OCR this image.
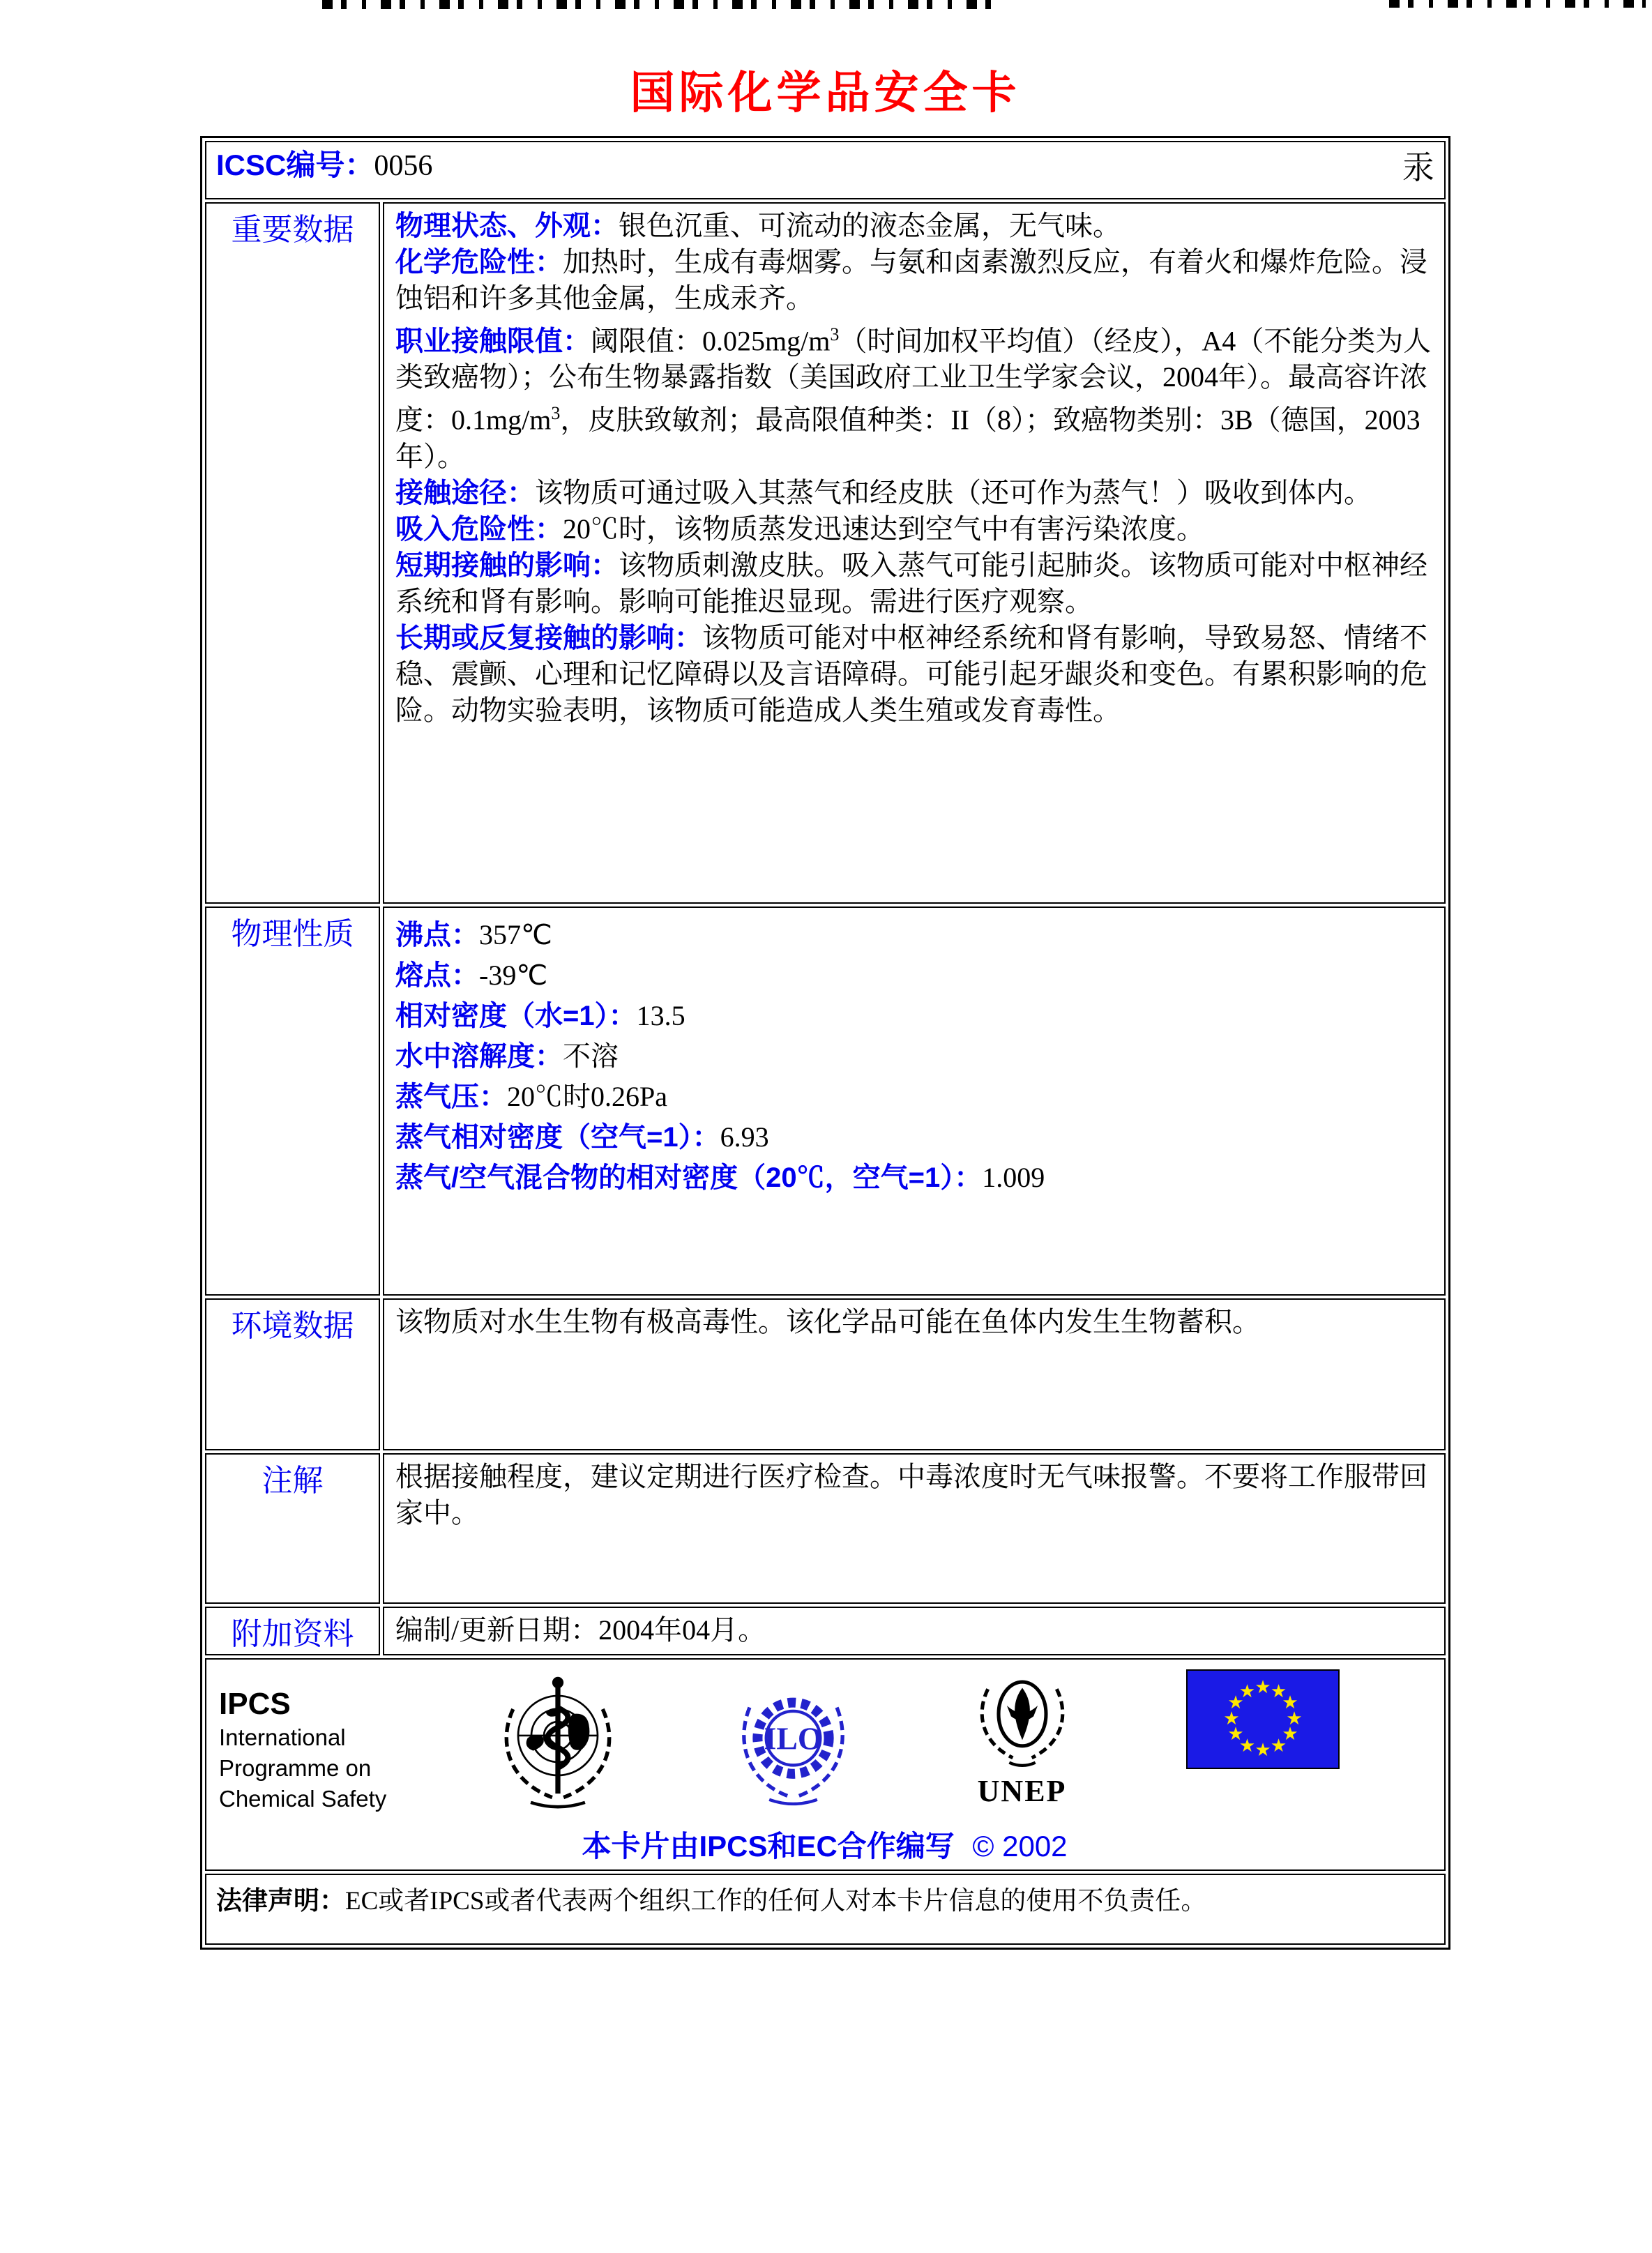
国际化学品安全卡
汞
ICSC编号：0056	
重要数据	物理状态、外观：银色沉重、可流动的液态金属，无气味。
化学危险性：加热时，生成有毒烟雾。与氨和卤素激烈反应，有着火和爆炸危险。浸蚀铝和许多其他金属，生成汞齐。
职业接触限值：阈限值：$0.025mg/m^3$（时间加权平均值）（经皮），A4（不能分类为人类致癌物）；公布生物暴露指数（美国政府工业卫生学家会议，2004年）。最高容许浓度：$0.1mg/m^3$，皮肤致敏剂；最高限值种类：II（8）；致癌物类别：3B（德国，2003年）。
接触途径：该物质可通过吸入其蒸气和经皮肤（还可作为蒸气！）吸收到体内。
吸入危险性：20℃时，该物质蒸发迅速达到空气中有害污染浓度。
短期接触的影响：该物质刺激皮肤。吸入蒸气可能引起肺炎。该物质可能对中枢神经系统和肾有影响。影响可能推迟显现。需进行医疗观察。
长期或反复接触的影响：该物质可能对中枢神经系统和肾有影响，导致易怒、情绪不稳、震颤、心理和记忆障碍以及言语障碍。可能引起牙龈炎和变色。有累积影响的危险。动物实验表明，该物质可能造成人类生殖或发育毒性。

物理性质	沸点：357℃
熔点：-39℃
相对密度（水=1）：13.5
水中溶解度：不溶
蒸气压：20℃时0.26Pa
蒸气相对密度（空气=1）：6.93
蒸气/空气混合物的相对密度（20℃，空气=1）：1.009

环境数据	该物质对水生生物有极高毒性。该化学品可能在鱼体内发生生物蓄积。

注解	根据接触程度，建议定期进行医疗检查。中毒浓度时无气味报警。不要将工作服带回家中。

附加资料	编制/更新日期：2004年04月。

IPCS
International
Programme on
Chemical Safety
ILO
UNEP
★ ★
★
★
★
★
★
★
★
★
★
★
本卡片由IPCS和EC合作编写 © 2002

法律声明：EC或者IPCS或者代表两个组织工作的任何人对本卡片信息的使用不负责任。	
